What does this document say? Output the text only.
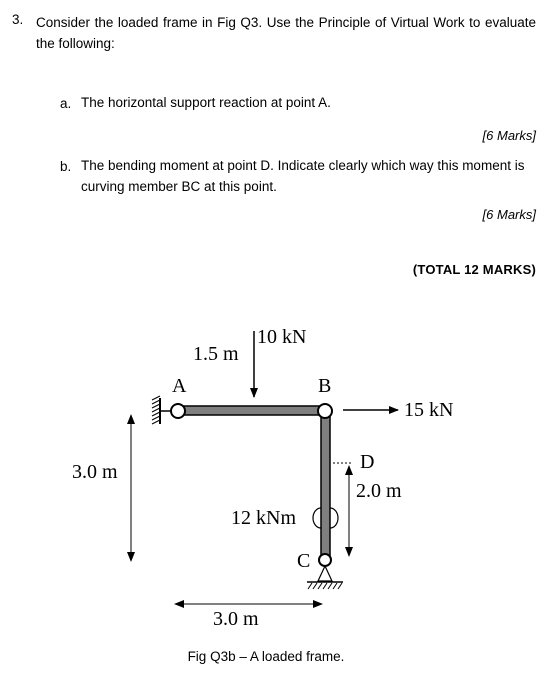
3. Consider the loaded frame in Fig Q3. Use the Principle of Virtual Work to evaluate the following:
a. The horizontal support reaction at point A.
[6 Marks]
b. The bending moment at point D. Indicate clearly which way this moment is curving member BC at this point.
[6 Marks]
(TOTAL 12 MARKS)
A	B
C
D
10 kN
15 kN
12 kNm
1.5 m
3.0 m
2.0 m
3.0 m
Fig Q3b – A loaded frame.
